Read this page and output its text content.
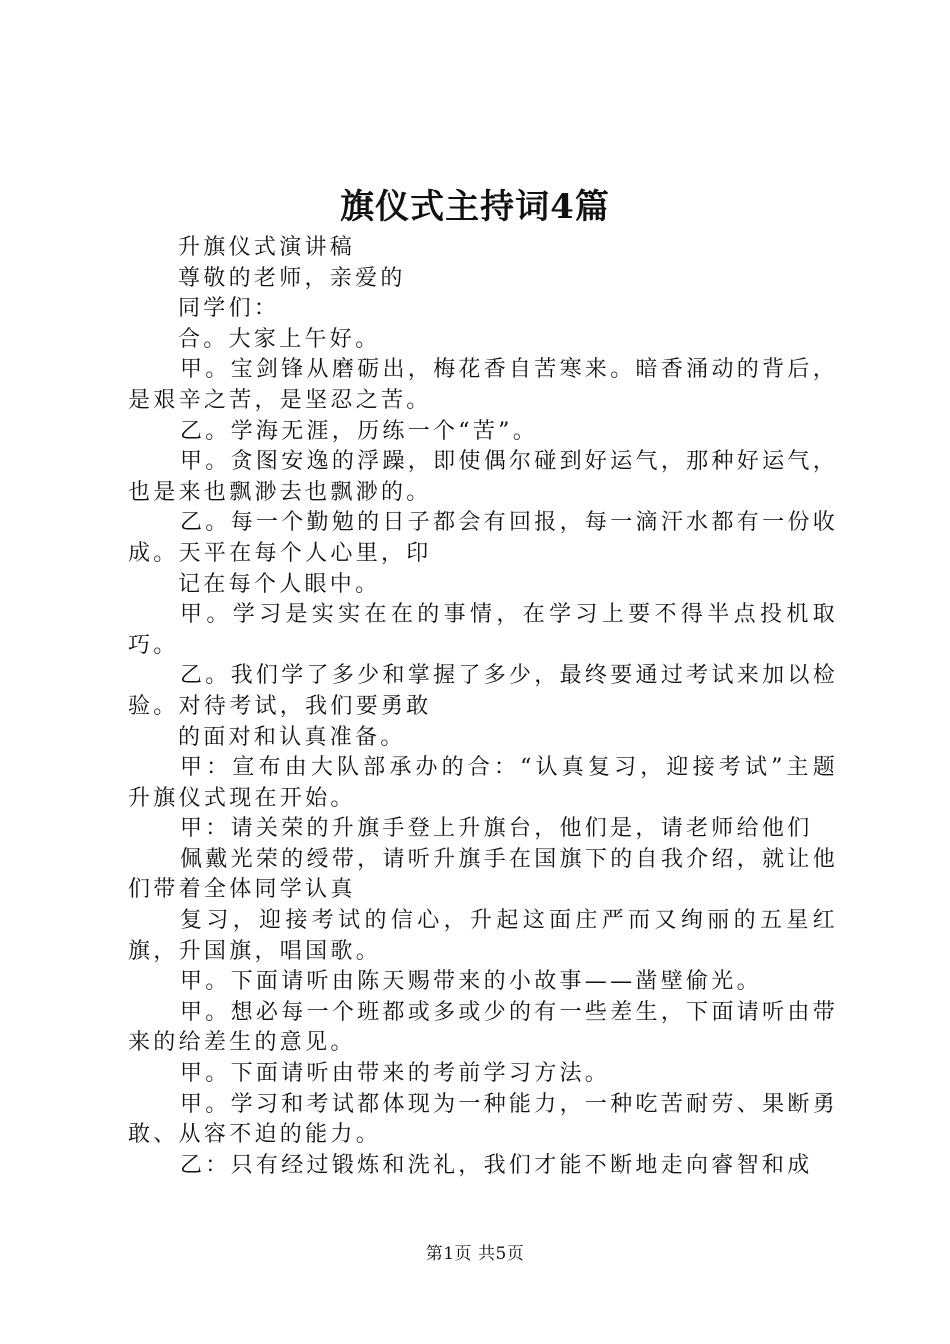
旗仪式主持词4篇

升旗仪式演讲稿

尊敬的老师，亲爱的

同学们：

合。大家上午好。

甲。宝剑锋从磨砺出，梅花香自苦寒来。暗香涌动的背后，是艰辛之苦，是坚忍之苦。

乙。学海无涯，历练一个“苦”。

甲。贪图安逸的浮躁，即使偶尔碰到好运气，那种好运气，也是来也飘渺去也飘渺的。

乙。每一个勤勉的日子都会有回报，每一滴汗水都有一份收成。天平在每个人心里，印

记在每个人眼中。

甲。学习是实实在在的事情，在学习上要不得半点投机取巧。

乙。我们学了多少和掌握了多少，最终要通过考试来加以检验。对待考试，我们要勇敢

的面对和认真准备。

甲：宣布由大队部承办的合：“认真复习，迎接考试”主题升旗仪式现在开始。

甲：请关荣的升旗手登上升旗台，他们是，请老师给他们

佩戴光荣的绶带，请听升旗手在国旗下的自我介绍，就让他们带着全体同学认真

复习，迎接考试的信心，升起这面庄严而又绚丽的五星红旗，升国旗，唱国歌。

甲。下面请听由陈天赐带来的小故事——凿壁偷光。

甲。想必每一个班都或多或少的有一些差生，下面请听由带来的给差生的意见。

甲。下面请听由带来的考前学习方法。

甲。学习和考试都体现为一种能力，一种吃苦耐劳、果断勇敢、从容不迫的能力。

乙：只有经过锻炼和洗礼，我们才能不断地走向睿智和成

第1页 共5页
